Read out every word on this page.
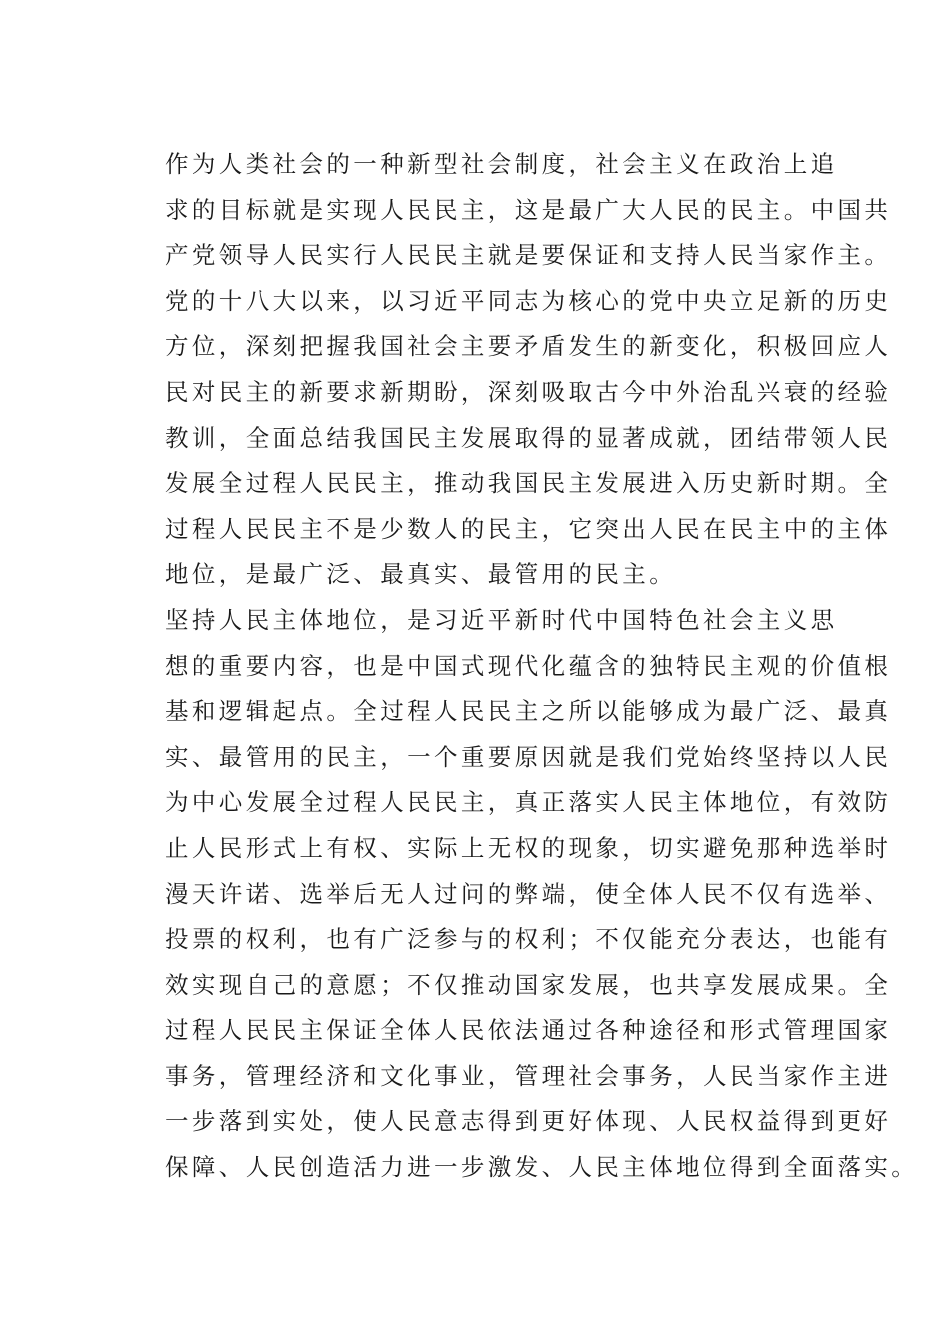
作为人类社会的一种新型社会制度，社会主义在政治上追
求的目标就是实现人民民主，这是最广大人民的民主。中国共
产党领导人民实行人民民主就是要保证和支持人民当家作主。
党的十八大以来，以习近平同志为核心的党中央立足新的历史
方位，深刻把握我国社会主要矛盾发生的新变化，积极回应人
民对民主的新要求新期盼，深刻吸取古今中外治乱兴衰的经验
教训，全面总结我国民主发展取得的显著成就，团结带领人民
发展全过程人民民主，推动我国民主发展进入历史新时期。全
过程人民民主不是少数人的民主，它突出人民在民主中的主体
地位，是最广泛、最真实、最管用的民主。

坚持人民主体地位，是习近平新时代中国特色社会主义思
想的重要内容，也是中国式现代化蕴含的独特民主观的价值根
基和逻辑起点。全过程人民民主之所以能够成为最广泛、最真
实、最管用的民主，一个重要原因就是我们党始终坚持以人民
为中心发展全过程人民民主，真正落实人民主体地位，有效防
止人民形式上有权、实际上无权的现象，切实避免那种选举时
漫天许诺、选举后无人过问的弊端，使全体人民不仅有选举、
投票的权利，也有广泛参与的权利；不仅能充分表达，也能有
效实现自己的意愿；不仅推动国家发展，也共享发展成果。全
过程人民民主保证全体人民依法通过各种途径和形式管理国家
事务，管理经济和文化事业，管理社会事务，人民当家作主进
一步落到实处，使人民意志得到更好体现、人民权益得到更好
保障、人民创造活力进一步激发、人民主体地位得到全面落实。
